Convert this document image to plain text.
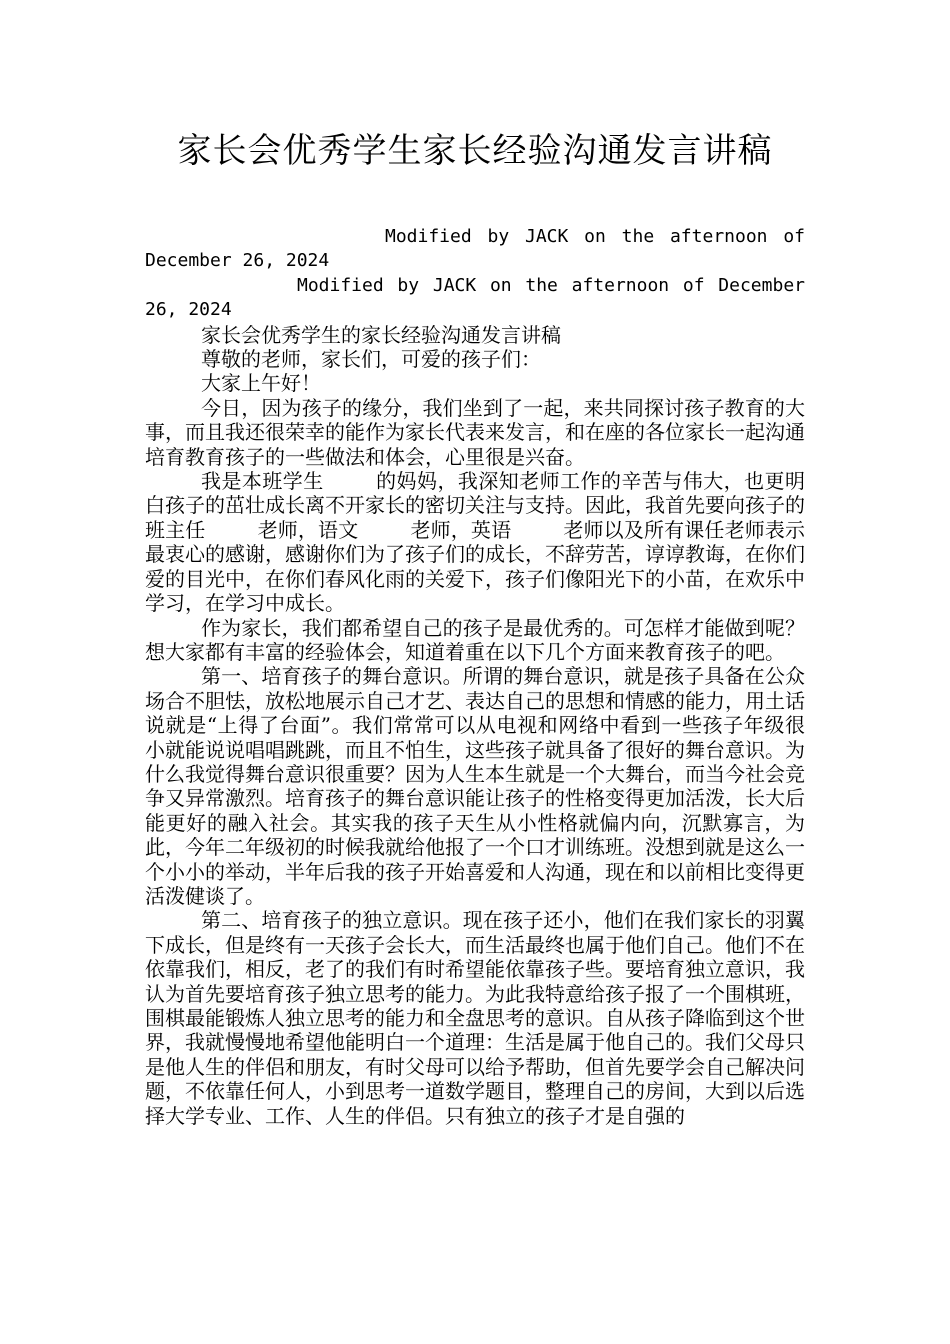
家长会优秀学生家长经验沟通发言讲稿

Modified by JACK on the afternoon of December 26, 2024

Modified by JACK on the afternoon of December 26, 2024

家长会优秀学生的家长经验沟通发言讲稿

尊敬的老师，家长们，可爱的孩子们：

大家上午好！

今日，因为孩子的缘分，我们坐到了一起，来共同探讨孩子教育的大事，而且我还很荣幸的能作为家长代表来发言，和在座的各位家长一起沟通培育教育孩子的一些做法和体会，心里很是兴奋。

我是本班学生	的妈妈，我深知老师工作的辛苦与伟大，也更明白孩子的茁壮成长离不开家长的密切关注与支持。因此，我首先要向孩子的班主任	老师，语文	老师，英语	老师以及所有课任老师表示最衷心的感谢，感谢你们为了孩子们的成长，不辞劳苦，谆谆教诲，在你们爱的目光中，在你们春风化雨的关爱下，孩子们像阳光下的小苗，在欢乐中学习，在学习中成长。

作为家长，我们都希望自己的孩子是最优秀的。可怎样才能做到呢？想大家都有丰富的经验体会，知道着重在以下几个方面来教育孩子的吧。

第一、培育孩子的舞台意识。所谓的舞台意识，就是孩子具备在公众场合不胆怯，放松地展示自己才艺、表达自己的思想和情感的能力，用土话说就是“上得了台面”。我们常常可以从电视和网络中看到一些孩子年级很小就能说说唱唱跳跳，而且不怕生，这些孩子就具备了很好的舞台意识。为什么我觉得舞台意识很重要？因为人生本生就是一个大舞台，而当今社会竞争又异常激烈。培育孩子的舞台意识能让孩子的性格变得更加活泼，长大后能更好的融入社会。其实我的孩子天生从小性格就偏内向，沉默寡言，为此，今年二年级初的时候我就给他报了一个口才训练班。没想到就是这么一个小小的举动，半年后我的孩子开始喜爱和人沟通，现在和以前相比变得更活泼健谈了。

第二、培育孩子的独立意识。现在孩子还小，他们在我们家长的羽翼下成长，但是终有一天孩子会长大，而生活最终也属于他们自己。他们不在依靠我们，相反，老了的我们有时希望能依靠孩子些。要培育独立意识，我认为首先要培育孩子独立思考的能力。为此我特意给孩子报了一个围棋班，围棋最能锻炼人独立思考的能力和全盘思考的意识。自从孩子降临到这个世界，我就慢慢地希望他能明白一个道理：生活是属于他自己的。我们父母只是他人生的伴侣和朋友，有时父母可以给予帮助，但首先要学会自己解决问题，不依靠任何人，小到思考一道数学题目，整理自己的房间，大到以后选择大学专业、工作、人生的伴侣。只有独立的孩子才是自强的
